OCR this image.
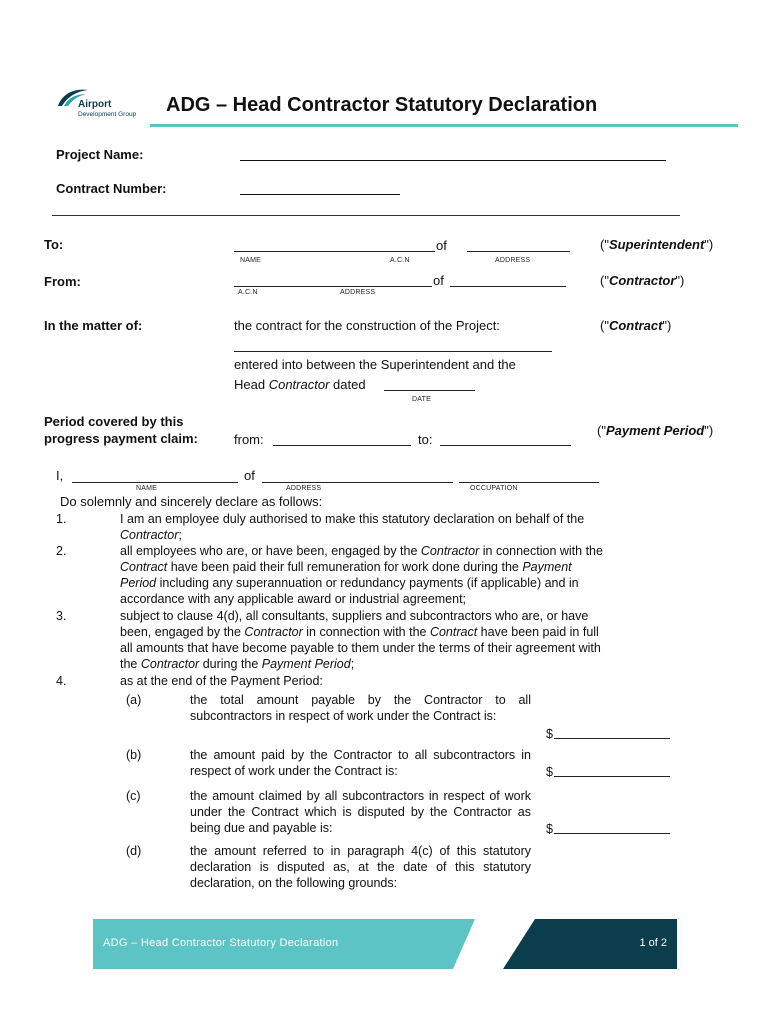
Airport
Development Group ADG – Head Contractor Statutory Declaration
Project Name:
Contract Number:
To:	of
NAME	A.C.N	ADDRESS
("Superintendent")
From:	of
A.C.N	ADDRESS
("Contractor")
In the matter of:	the contract for the construction of the Project:	("Contract")
entered into between the Superintendent and the
Head Contractor dated
DATE
Period covered by this
progress payment claim:	from:	to:
("Payment Period")
I,	of
NAME	ADDRESS	OCCUPATION
Do solemnly and sincerely declare as follows:
1.	I am an employee duly authorised to make this statutory declaration on behalf of the
Contractor;
2.	all employees who are, or have been, engaged by the Contractor in connection with the
Contract have been paid their full remuneration for work done during the Payment
Period including any superannuation or redundancy payments (if applicable) and in
accordance with any applicable award or industrial agreement;
3.	subject to clause 4(d), all consultants, suppliers and subcontractors who are, or have
been, engaged by the Contractor in connection with the Contract have been paid in full
all amounts that have become payable to them under the terms of their agreement with
the Contractor during the Payment Period;
4.	as at the end of the Payment Period:
(a)	the total amount payable by the Contractor to all subcontractors in respect of work under the Contract is:
$
(b)	the amount paid by the Contractor to all subcontractors in respect of work under the Contract is:	$
(c)	the amount claimed by all subcontractors in respect of work under the Contract which is disputed by the Contractor as being due and payable is:	$
(d)	the amount referred to in paragraph 4(c) of this statutory declaration is disputed as, at the date of this statutory declaration, on the following grounds:
ADG – Head Contractor Statutory Declaration	1 of 2
